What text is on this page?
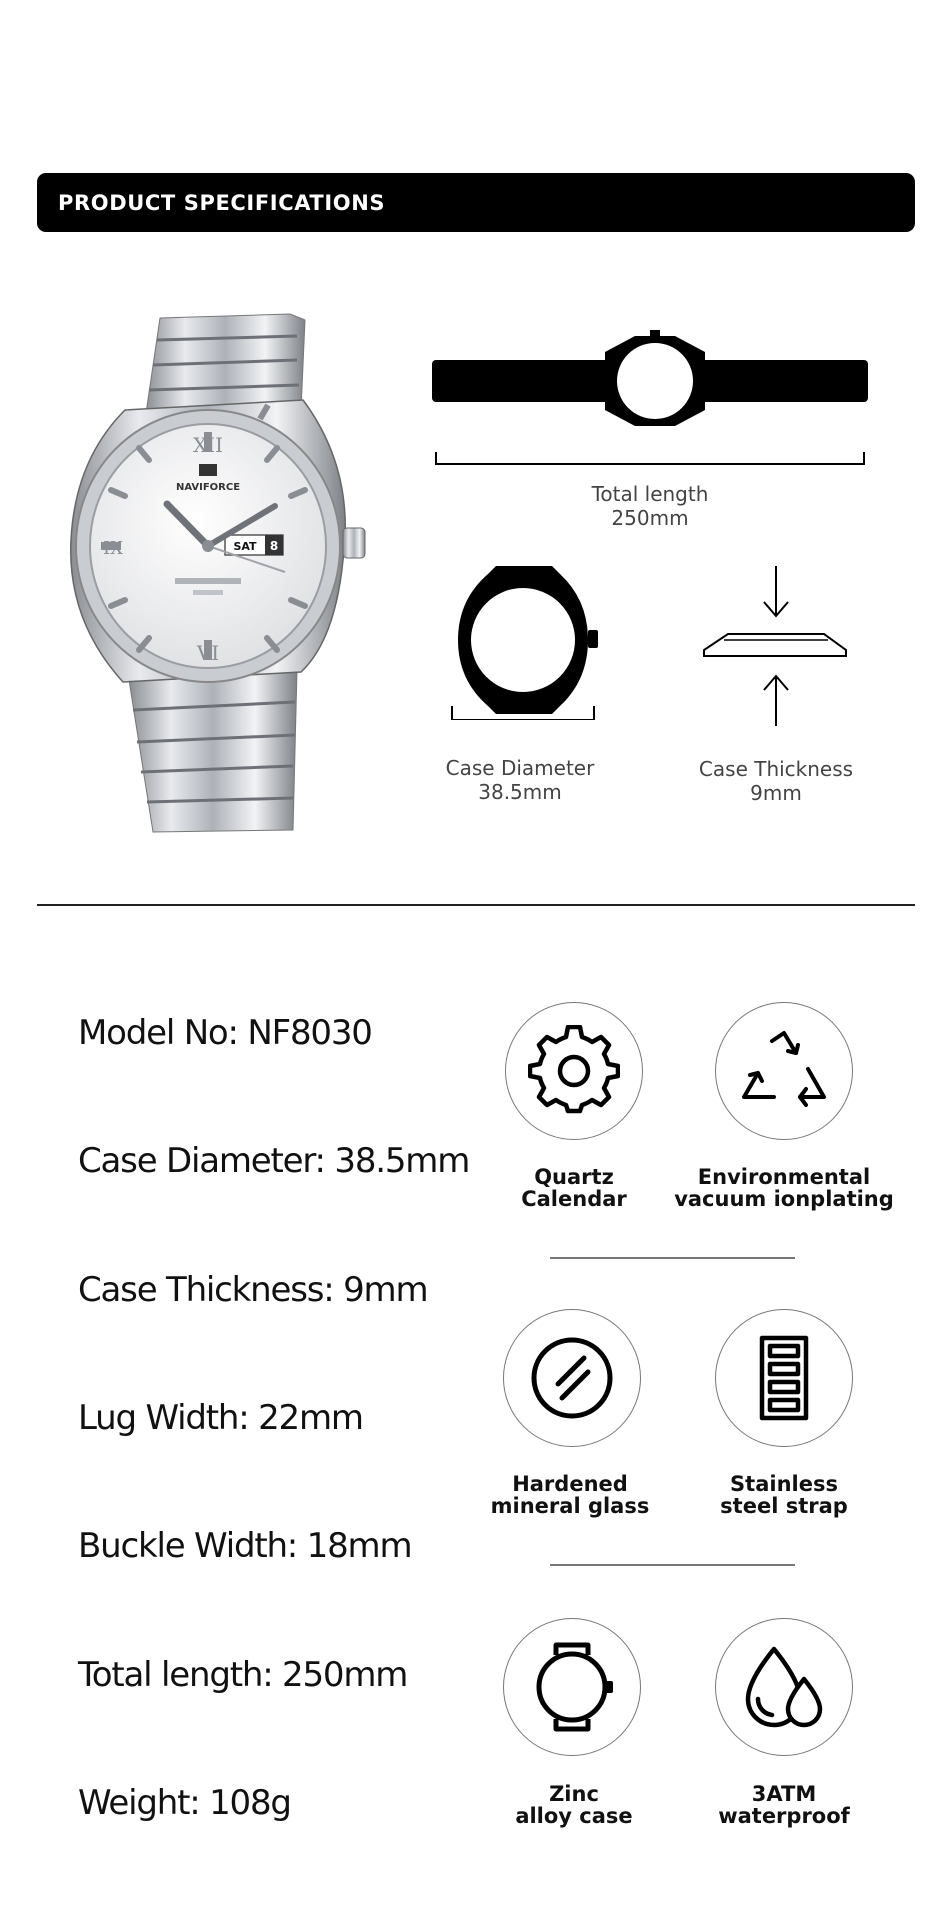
PRODUCT SPECIFICATIONS
XII
VI
IX
NAVIFORCE
SAT 8
Total length
250mm
Case Diameter
38.5mm
Case Thickness
9mm
Model No: NF8030
Case Diameter: 38.5mm
Case Thickness: 9mm
Lug Width: 22mm
Buckle Width: 18mm
Total length: 250mm
Weight: 108g
Quartz
Calendar
Environmental
vacuum ionplating
Hardened
mineral glass
Stainless
steel strap
Zinc
alloy case
3ATM
waterproof
